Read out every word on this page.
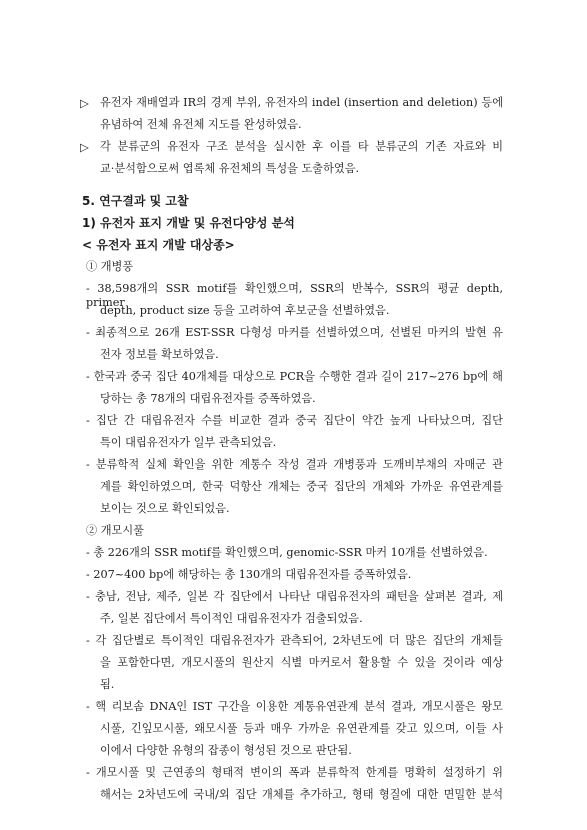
▷ 유전자 재배열과 IR의 경계 부위, 유전자의 indel (insertion and deletion) 등에
유념하여 전체 유전체 지도를 완성하였음.
▷ 각 분류군의 유전자 구조 분석을 실시한 후 이를 타 분류군의 기존 자료와 비
교·분석함으로써 엽록체 유전체의 특성을 도출하였음.
5. 연구결과 및 고찰
1) 유전자 표지 개발 및 유전다양성 분석
< 유전자 표지 개발 대상종>
① 개병풍
- 38,598개의 SSR motif를 확인했으며, SSR의 반복수, SSR의 평균 depth, primer
depth, product size 등을 고려하여 후보군을 선별하였음.
- 최종적으로 26개 EST-SSR 다형성 마커를 선별하였으며, 선별된 마커의 발현 유
전자 정보를 확보하였음.
- 한국과 중국 집단 40개체를 대상으로 PCR을 수행한 결과 길이 217~276 bp에 해
당하는 총 78개의 대립유전자를 증폭하였음.
- 집단 간 대립유전자 수를 비교한 결과 중국 집단이 약간 높게 나타났으며, 집단
특이 대립유전자가 일부 관측되었음.
- 분류학적 실체 확인을 위한 계통수 작성 결과 개병풍과 도깨비부채의 자매군 관
계를 확인하였으며, 한국 덕항산 개체는 중국 집단의 개체와 가까운 유연관계를
보이는 것으로 확인되었음.
② 개모시풀
- 총 226개의 SSR motif를 확인했으며, genomic-SSR 마커 10개를 선별하였음.
- 207~400 bp에 해당하는 총 130개의 대립유전자를 증폭하였음.
- 충남, 전남, 제주, 일본 각 집단에서 나타난 대립유전자의 패턴을 살펴본 결과, 제
주, 일본 집단에서 특이적인 대립유전자가 검출되었음.
- 각 집단별로 특이적인 대립유전자가 관측되어, 2차년도에 더 많은 집단의 개체들
을 포함한다면, 개모시풀의 원산지 식별 마커로서 활용할 수 있을 것이라 예상
됨.
- 핵 리보솜 DNA인 IST 구간을 이용한 계통유연관계 분석 결과, 개모시풀은 왕모
시풀, 긴잎모시풀, 왜모시풀 등과 매우 가까운 유연관계를 갖고 있으며, 이들 사
이에서 다양한 유형의 잡종이 형성된 것으로 판단됨.
- 개모시풀 및 근연종의 형태적 변이의 폭과 분류학적 한계를 명확히 설정하기 위
해서는 2차년도에 국내/외 집단 개체를 추가하고, 형태 형질에 대한 면밀한 분석
